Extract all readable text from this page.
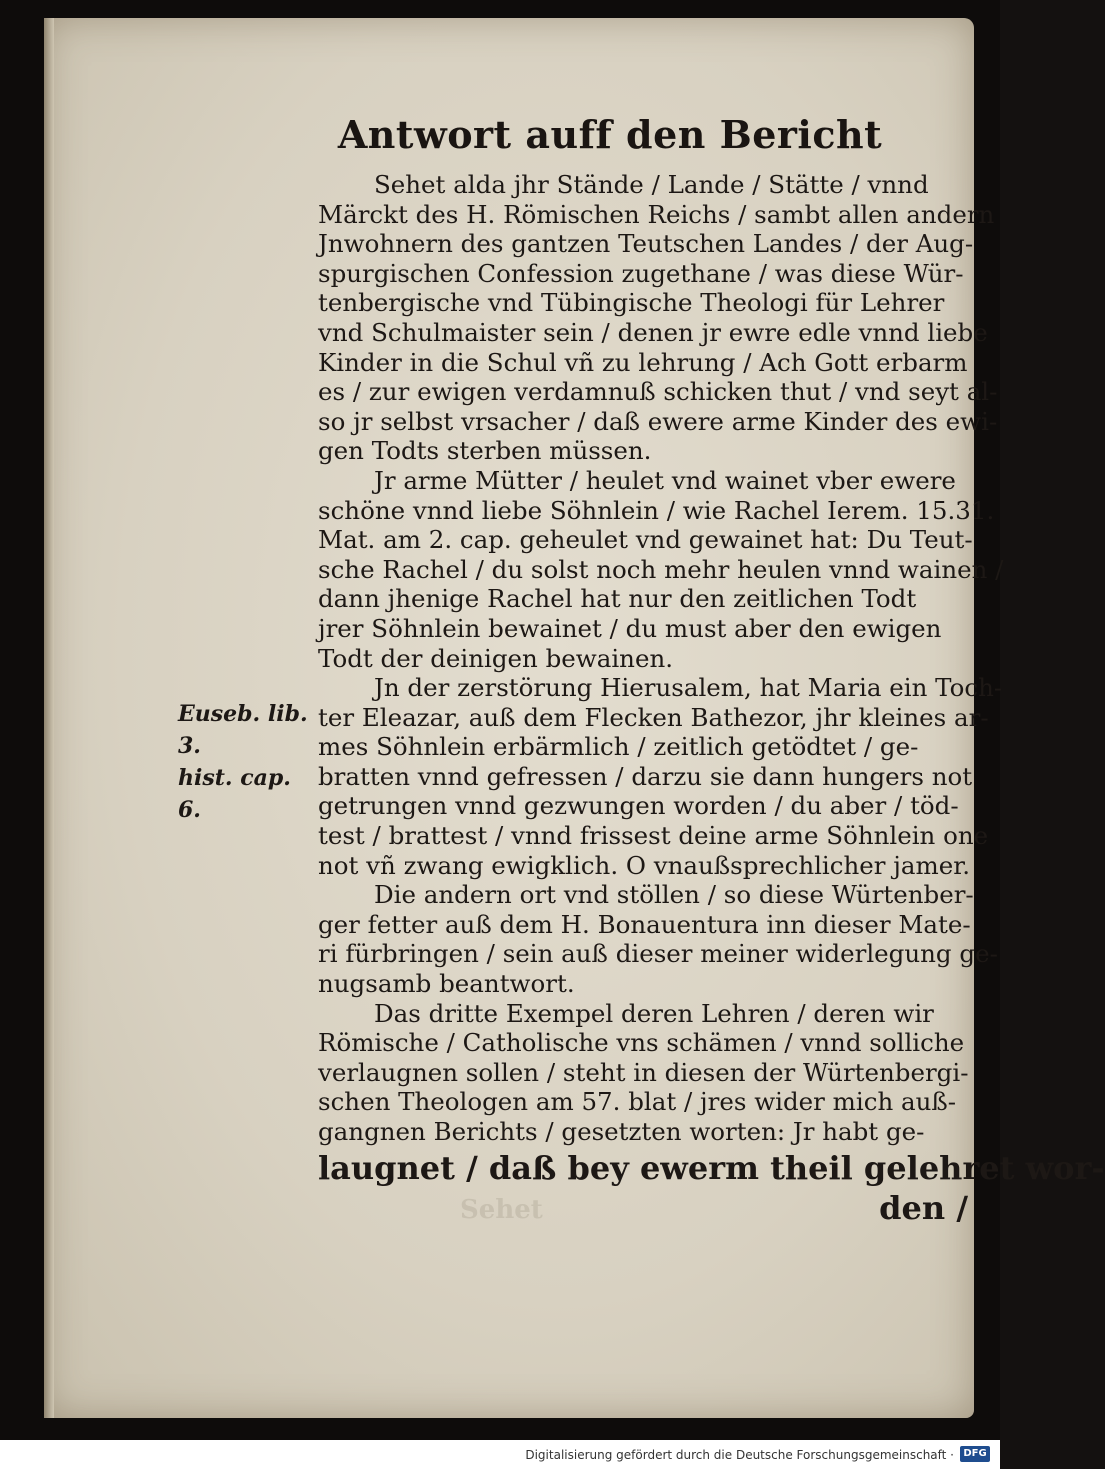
Sehet
Antwort auff den Bericht
Sehet alda jhr Stände / Lande / Stätte / vnnd
Märckt des H. Römischen Reichs / sambt allen andern
Jnwohnern des gantzen Teutschen Landes / der Aug-
spurgischen Confession zugethane / was diese Wür-
tenbergische vnd Tübingische Theologi für Lehrer
vnd Schulmaister sein / denen jr ewre edle vnnd liebe
Kinder in die Schul vñ zu lehrung / Ach Gott erbarm
es / zur ewigen verdamnuß schicken thut / vnd seyt al-
so jr selbst vrsacher / daß ewere arme Kinder des ewi-
gen Todts sterben müssen.
Jr arme Mütter / heulet vnd wainet vber ewere
schöne vnnd liebe Söhnlein / wie Rachel Ierem. 15.31.
Mat. am 2. cap. geheulet vnd gewainet hat: Du Teut-
sche Rachel / du solst noch mehr heulen vnnd wainen /
dann jhenige Rachel hat nur den zeitlichen Todt
jrer Söhnlein bewainet / du must aber den ewigen
Todt der deinigen bewainen.
Jn der zerstörung Hierusalem, hat Maria ein Toch-
ter Eleazar, auß dem Flecken Bathezor, jhr kleines ar-
mes Söhnlein erbärmlich / zeitlich getödtet / ge-
bratten vnnd gefressen / darzu sie dann hungers not
getrungen vnnd gezwungen worden / du aber / töd-
test / brattest / vnnd frissest deine arme Söhnlein one
not vñ zwang ewigklich. O vnaußsprechlicher jamer.
Die andern ort vnd stöllen / so diese Würtenber-
ger fetter auß dem H. Bonauentura inn dieser Mate-
ri fürbringen / sein auß dieser meiner widerlegung ge-
nugsamb beantwort.
Das dritte Exempel deren Lehren / deren wir
Römische / Catholische vns schämen / vnnd solliche
verlaugnen sollen / steht in diesen der Würtenbergi-
schen Theologen am 57. blat / jres wider mich auß-
gangnen Berichts / gesetzten worten: Jr habt ge-
laugnet / daß bey ewerm theil gelehret wor-
den /
Euseb. lib. 3.
hist. cap. 6.
Digitalisierung gefördert durch die Deutsche Forschungsgemeinschaft · DFG
